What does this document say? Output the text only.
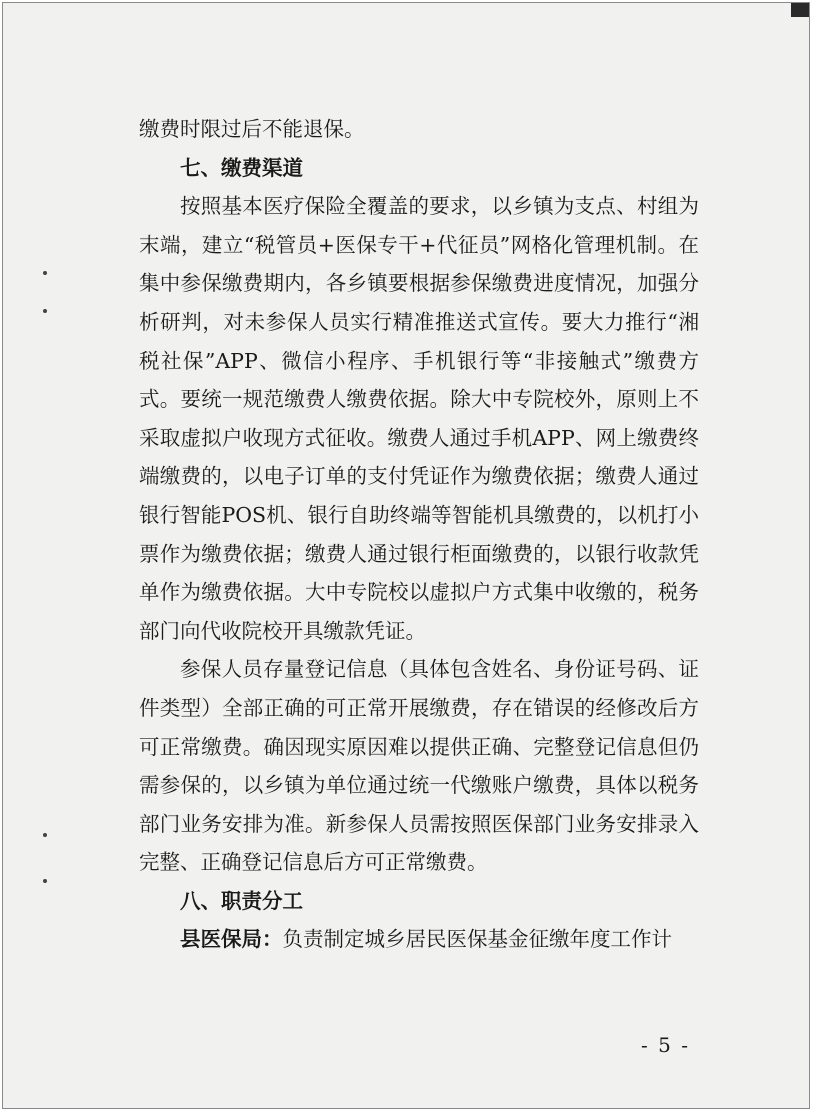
缴费时限过后不能退保。

七、缴费渠道

按照基本医疗保险全覆盖的要求，以乡镇为支点、村组为末端，建立“税管员+医保专干+代征员”网格化管理机制。在集中参保缴费期内，各乡镇要根据参保缴费进度情况，加强分析研判，对未参保人员实行精准推送式宣传。要大力推行“湘税社保”APP、微信小程序、手机银行等“非接触式”缴费方式。要统一规范缴费人缴费依据。除大中专院校外，原则上不采取虚拟户收现方式征收。缴费人通过手机APP、网上缴费终端缴费的，以电子订单的支付凭证作为缴费依据；缴费人通过银行智能POS机、银行自助终端等智能机具缴费的，以机打小票作为缴费依据；缴费人通过银行柜面缴费的，以银行收款凭单作为缴费依据。大中专院校以虚拟户方式集中收缴的，税务部门向代收院校开具缴款凭证。

参保人员存量登记信息（具体包含姓名、身份证号码、证件类型）全部正确的可正常开展缴费，存在错误的经修改后方可正常缴费。确因现实原因难以提供正确、完整登记信息但仍需参保的，以乡镇为单位通过统一代缴账户缴费，具体以税务部门业务安排为准。新参保人员需按照医保部门业务安排录入完整、正确登记信息后方可正常缴费。

八、职责分工

县医保局：负责制定城乡居民医保基金征缴年度工作计

- 5 -
